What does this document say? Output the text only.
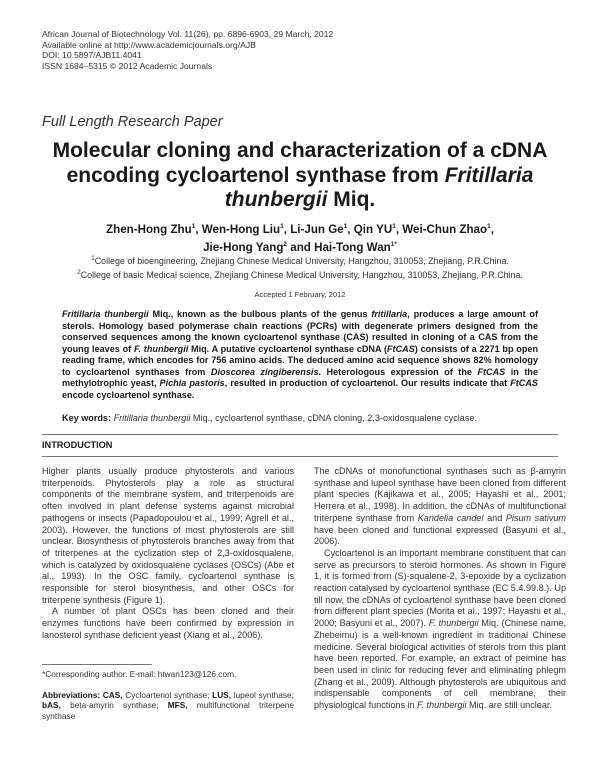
African Journal of Biotechnology Vol. 11(26), pp. 6896-6903, 29 March, 2012
Available online at http://www.academicjournals.org/AJB
DOI: 10.5897/AJB11.4041
ISSN 1684–5315 © 2012 Academic Journals
Full Length Research Paper
Molecular cloning and characterization of a cDNA
encoding cycloartenol synthase from Fritillaria
thunbergii Miq.
Zhen-Hong Zhu$^1$, Wen-Hong Liu$^1$, Li-Jun Ge$^1$, Qin $YU^1$, Wei-Chun Zhao$^1$,
Jie-Hong Yang$^2$ and Hai-Tong Wan$^{1*}$
$^1$College of bioengineering, Zhejiang Chinese Medical University, Hangzhou, 310053, Zhejiang, P.R.China.
$^2$College of basic Medical science, Zhejiang Chinese Medical University, Hangzhou, 310053, Zhejiang, P.R.China.
Accepted 1 February, 2012
Fritillaria thunbergii Miq., known as the bulbous plants of the genus fritillaria, produces a large amount of sterols. Homology based polymerase chain reactions (PCRs) with degenerate primers designed from the conserved sequences among the known cycloartenol synthase (CAS) resulted in cloning of a CAS from the young leaves of F. thunbergii Miq. A putative cycloartenol synthase cDNA (FtCAS) consists of a 2271 bp open reading frame, which encodes for 756 amino acids. The deduced amino acid sequence shows 82% homology to cycloartenol synthases from Dioscorea zingiberensis. Heterologous expression of the FtCAS in the methylotrophic yeast, Pichia pastoris, resulted in production of cycloartenol. Our results indicate that FtCAS encode cycloartenol synthase.
Key words: Fritillaria thunbergii Miq., cycloartenol synthase, cDNA cloning, 2,3-oxidosqualene cyclase.
INTRODUCTION

Higher plants usually produce phytosterols and various triterpenoids. Phytosterols play a role as structural components of the membrane system, and triterpenoids are often involved in plant defense systems against microbial pathogens or insects (Papadopoulou et al., 1999; Agrell et al., 2003). However, the functions of most phytosterols are still unclear. Biosynthesis of phytosterols branches away from that of triterpenes at the cyclization step of 2,3-oxidosqualene, which is catalyzed by oxidosqualene cyclases (OSCs) (Abe et al., 1993). In the OSC family, cycloartenol synthase is responsible for sterol biosynthesis, and other OSCs for triterpene synthesis (Figure 1).

A number of plant OSCs has been cloned and their enzymes functions have been confirmed by expression in lanosterol synthase deficient yeast (Xiang et al., 2006).

The cDNAs of monofunctional synthases such as β-amyrin synthase and lupeol synthase have been cloned from different plant species (Kajikawa et al., 2005; Hayashi et al., 2001; Herrera et al., 1998). In addition, the cDNAs of multifunctional triterpene synthase from Kandelia candel and Pisum sativum have been cloned and functional expressed (Basyuni et al., 2006).

Cycloartenol is an important membrane constituent that can serve as precursors to steroid hormones. As shown in Figure 1, it is formed from (S)-squalene-2, 3-epoxide by a cyclization reaction catalysed by cycloartenol synthase (EC 5.4.99.8.). Up till now, the cDNAs of cycloartenol synthase have been cloned from different plant species (Morita et al., 1997; Hayashi et al., 2000; Basyuni et al., 2007). F. thunbergii Miq. (Chinese name, Zhebeimu) is a well-known ingredient in traditional Chinese medicine. Several biological activities of sterols from this plant have been reported. For example, an extract of peimine has been used in clinic for reducing fever and eliminating phlegm (Zhang et al., 2009). Although phytosterols are ubiquitous and indispensable components of cell membrane, their physiological functions in F. thunbergii Miq. are still unclear.

*Corresponding author. E-mail: htwan123@126.com.
Abbreviations: CAS, Cycloartenol synthase; LUS, lupeol synthase; bAS, beta-amyrin synthase; MFS, multifunctional triterpene synthase
